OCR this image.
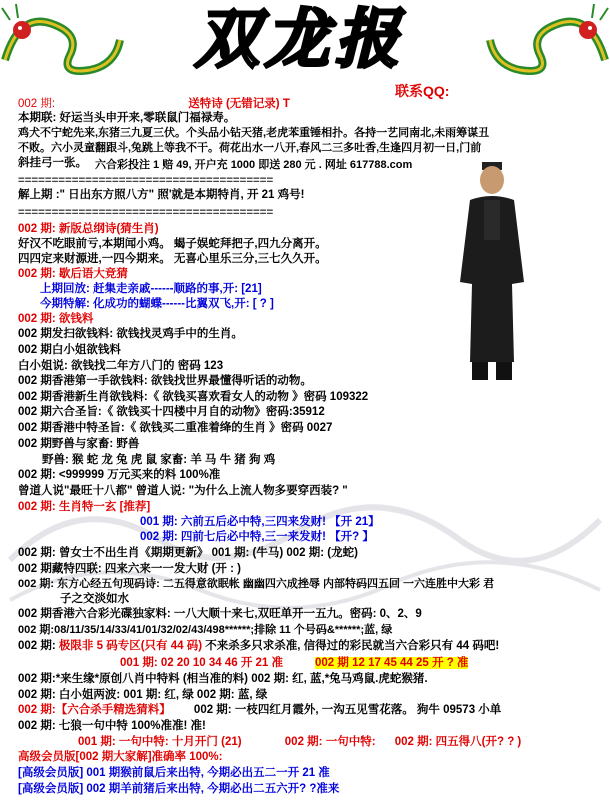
双龙报
联系QQ:
002 期:	送特诗 (无错记录) T
本期联: 好运当头申开来,零联鼠门福禄寿。
鸡犬不宁蛇先来,东猪三九夏三伏。个头品小钻天猪,老虎苯重锤相扑。各持一艺同南北,未雨筹谋丑
不败。六小灵童翻跟斗,兔跳上等我不干。荷花出水一八开,春风二三多吐香,生逢四月初一日,门前
斜挂弓一张。 六合彩投注 1 赔 49, 开户充 1000 即送 280 元 . 网址 617788.com
======================================
解上期 :" 日出东方照八方" 照'就是本期特肖, 开 21 鸡号!
======================================
002 期: 新版总纲诗(猜生肖)
好汉不吃眼前亏,本期闻小鸡。 蝎子娱蛇拜把子,四九分离开。
四四定来财源进,一四今期来。 无喜心里乐三分,三七久久开。
002 期: 歇后语大竞猜
上期回放: 赶集走亲戚------顺路的事,开: [21]
今期特解: 化成功的蝴蝶------比翼双飞,开: [ ? ]
002 期: 欲钱料
002 期发扫欲钱料: 欲钱找灵鸡手中的生肖。
002 期白小姐欲钱料
白小姐说: 欲钱找二年方八门的 密码 123
002 期香港第一手欲钱料: 欲钱找世界最懂得听话的动物。
002 期香港新生肖欲钱料:《 欲钱买喜欢看女人的动物 》密码 109322
002 期六合圣旨:《 欲钱买十四楼中月自的动物》密码:35912
002 期香港中特圣旨:《 欲钱买二重准着绛的生肖 》密码 0027
002 期野兽与家畜: 野兽
野兽: 猴 蛇 龙 兔 虎 鼠 家畜: 羊 马 牛 猪 狗 鸡
002 期: <999999 万元买来的料 100%准
曾道人说"最旺十八都" 曾道人说: "为什么上流人物多要穿西装? "
002 期: 生肖特一玄 [推荐]
001 期: 六前五后必中特,三四来发财! 【开 21】
002 期: 四前七后必中特,三一来发财! 【开? 】
002 期: 曾女士不出生肖《期期更新》 001 期: (牛马) 002 期: (龙蛇)
002 期藏特四联: 四来六来一一发大财 (开 : )
002 期: 东方心经五句现码诗: 二五得意欲眠帐 幽幽四六成挫辱 内部特码四五回 一六连胜中大彩 君
子之交淡如水
002 期香港六合彩光碟独家料: 一八大顺十来七,双旺单开一五九。密码: 0、2、9
002 期:08/11/35/14/33/41/01/32/02/43/498******;排除 11 个号码&******;蓝, 绿
002 期: 极限非 5 码专区(只有 44 码) 不来杀多只求杀准, 信得过的彩民就当六合彩只有 44 码吧!
001 期: 02 20 10 34 46 开 21 准	002 期 12 17 45 44 25 开 ? 准
002 期:*来生缘*原创八肖中特料 (相当准的料) 002 期: 红, 蓝,*兔马鸡鼠.虎蛇猴猪.
002 期: 白小姐两波: 001 期: 红, 绿 002 期: 蓝, 绿
002 期:【六合杀手精选猜料】 002 期: 一枝四红月霞外, 一沟五见雪花落。 狗牛 09573 小单
002 期: 七狼一句中特 100%准准! 准!
001 期: 一句中特: 十月开门 (21)	002 期: 一句中特: 002 期: 四五得八(开? ? )
高级会员版[002 期大家解]准确率 100%:
[高级会员版] 001 期猴前鼠后来出特, 今期必出五二一开 21 准
[高级会员版] 002 期羊前猪后来出特, 今期必出二五六开? ?准来
